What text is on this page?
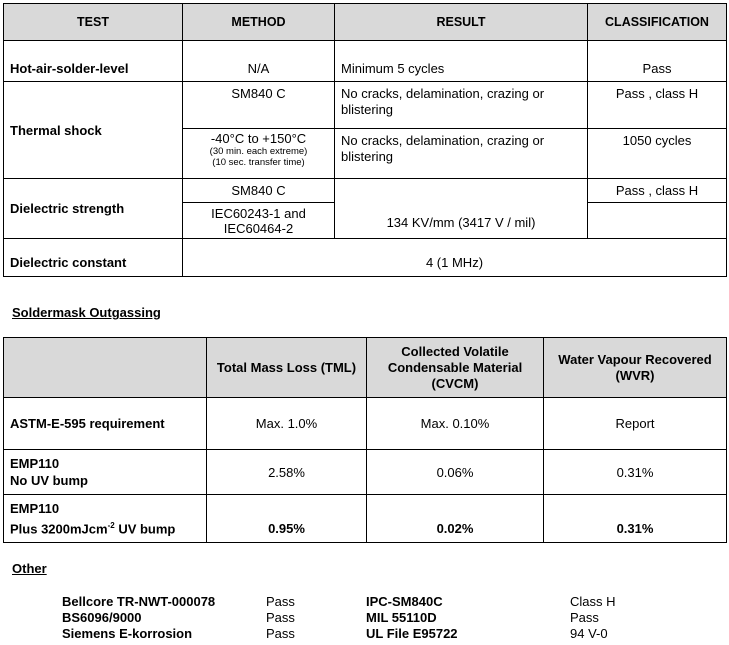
TEST	METHOD	RESULT	CLASSIFICATION
Hot-air-solder-level	N/A	Minimum 5 cycles	Pass
Thermal shock	SM840 C	No cracks, delamination, crazing or blistering	Pass , class H

	-40°C to +150°C
(30 min. each extreme)
(10 sec. transfer time)	No cracks, delamination, crazing or blistering	1050 cycles
Dielectric strength	SM840 C	134 KV/mm (3417 V / mil)	Pass , class H
	IEC60243-1 and IEC60464-2		
Dielectric constant	4 (1 MHz)		
Soldermask Outgassing
	Total Mass Loss (TML)	Collected Volatile Condensable Material (CVCM)	Water Vapour Recovered (WVR)
ASTM-E-595 requirement	Max. 1.0%	Max. 0.10%	Report

EMP110
No UV bump	2.58%	0.06%	0.31%

EMP110
Plus 3200mJcm$^{-2}$ UV bump	0.95%	0.02%	0.31%
Other
Bellcore TR-NWT-000078	Pass	IPC-SM840C	Class H
BS6096/9000	Pass	MIL 55110D	Pass
Siemens E-korrosion	Pass	UL File E95722	94 V-0
